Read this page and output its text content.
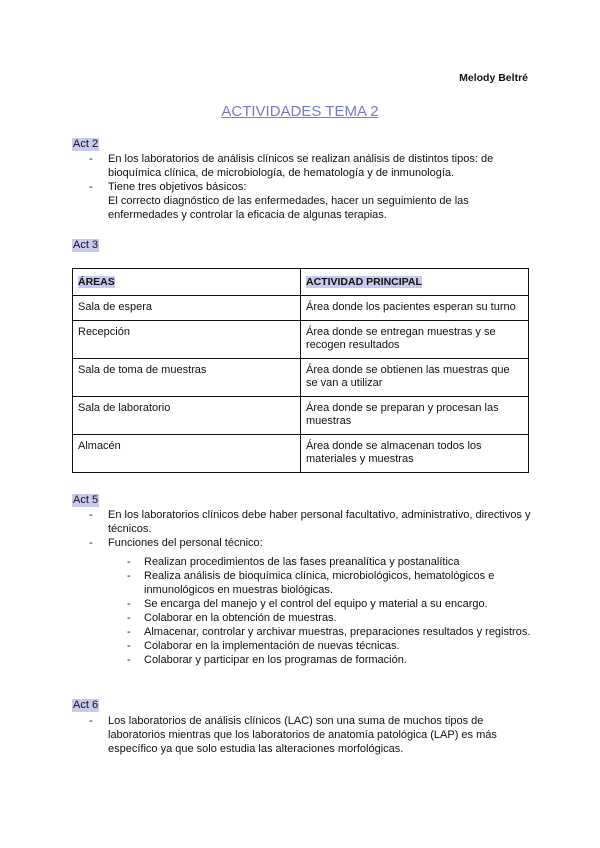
Melody Beltré
ACTIVIDADES TEMA 2
Act 2
- En los laboratorios de análisis clínicos se realizan análisis de distintos tipos: de bioquímica clínica, de microbiología, de hematología y de inmunología.
- Tiene tres objetivos básicos:
El correcto diagnóstico de las enfermedades, hacer un seguimiento de las enfermedades y controlar la eficacia de algunas terapias.
Act 3
ÁREAS	ACTIVIDAD PRINCIPAL
Sala de espera	Área donde los pacientes esperan su turno
Recepción	Área donde se entregan muestras y se recogen resultados
Sala de toma de muestras	Área donde se obtienen las muestras que se van a utilizar
Sala de laboratorio	Área donde se preparan y procesan las muestras
Almacén	Área donde se almacenan todos los materiales y muestras
Act 5
- En los laboratorios clínicos debe haber personal facultativo, administrativo, directivos y técnicos.
- Funciones del personal técnico:
- Realizan procedimientos de las fases preanalítica y postanalítica
- Realiza análisis de bioquímica clínica, microbiológicos, hematológicos e inmunológicos en muestras biológicas.
- Se encarga del manejo y el control del equipo y material a su encargo.
- Colaborar en la obtención de muestras.
- Almacenar, controlar y archivar muestras, preparaciones resultados y registros.
- Colaborar en la implementación de nuevas técnicas.
- Colaborar y participar en los programas de formación.
Act 6
- Los laboratorios de análisis clínicos (LAC) son una suma de muchos tipos de laboratorios mientras que los laboratorios de anatomía patológica (LAP) es más específico ya que solo estudia las alteraciones morfológicas.
